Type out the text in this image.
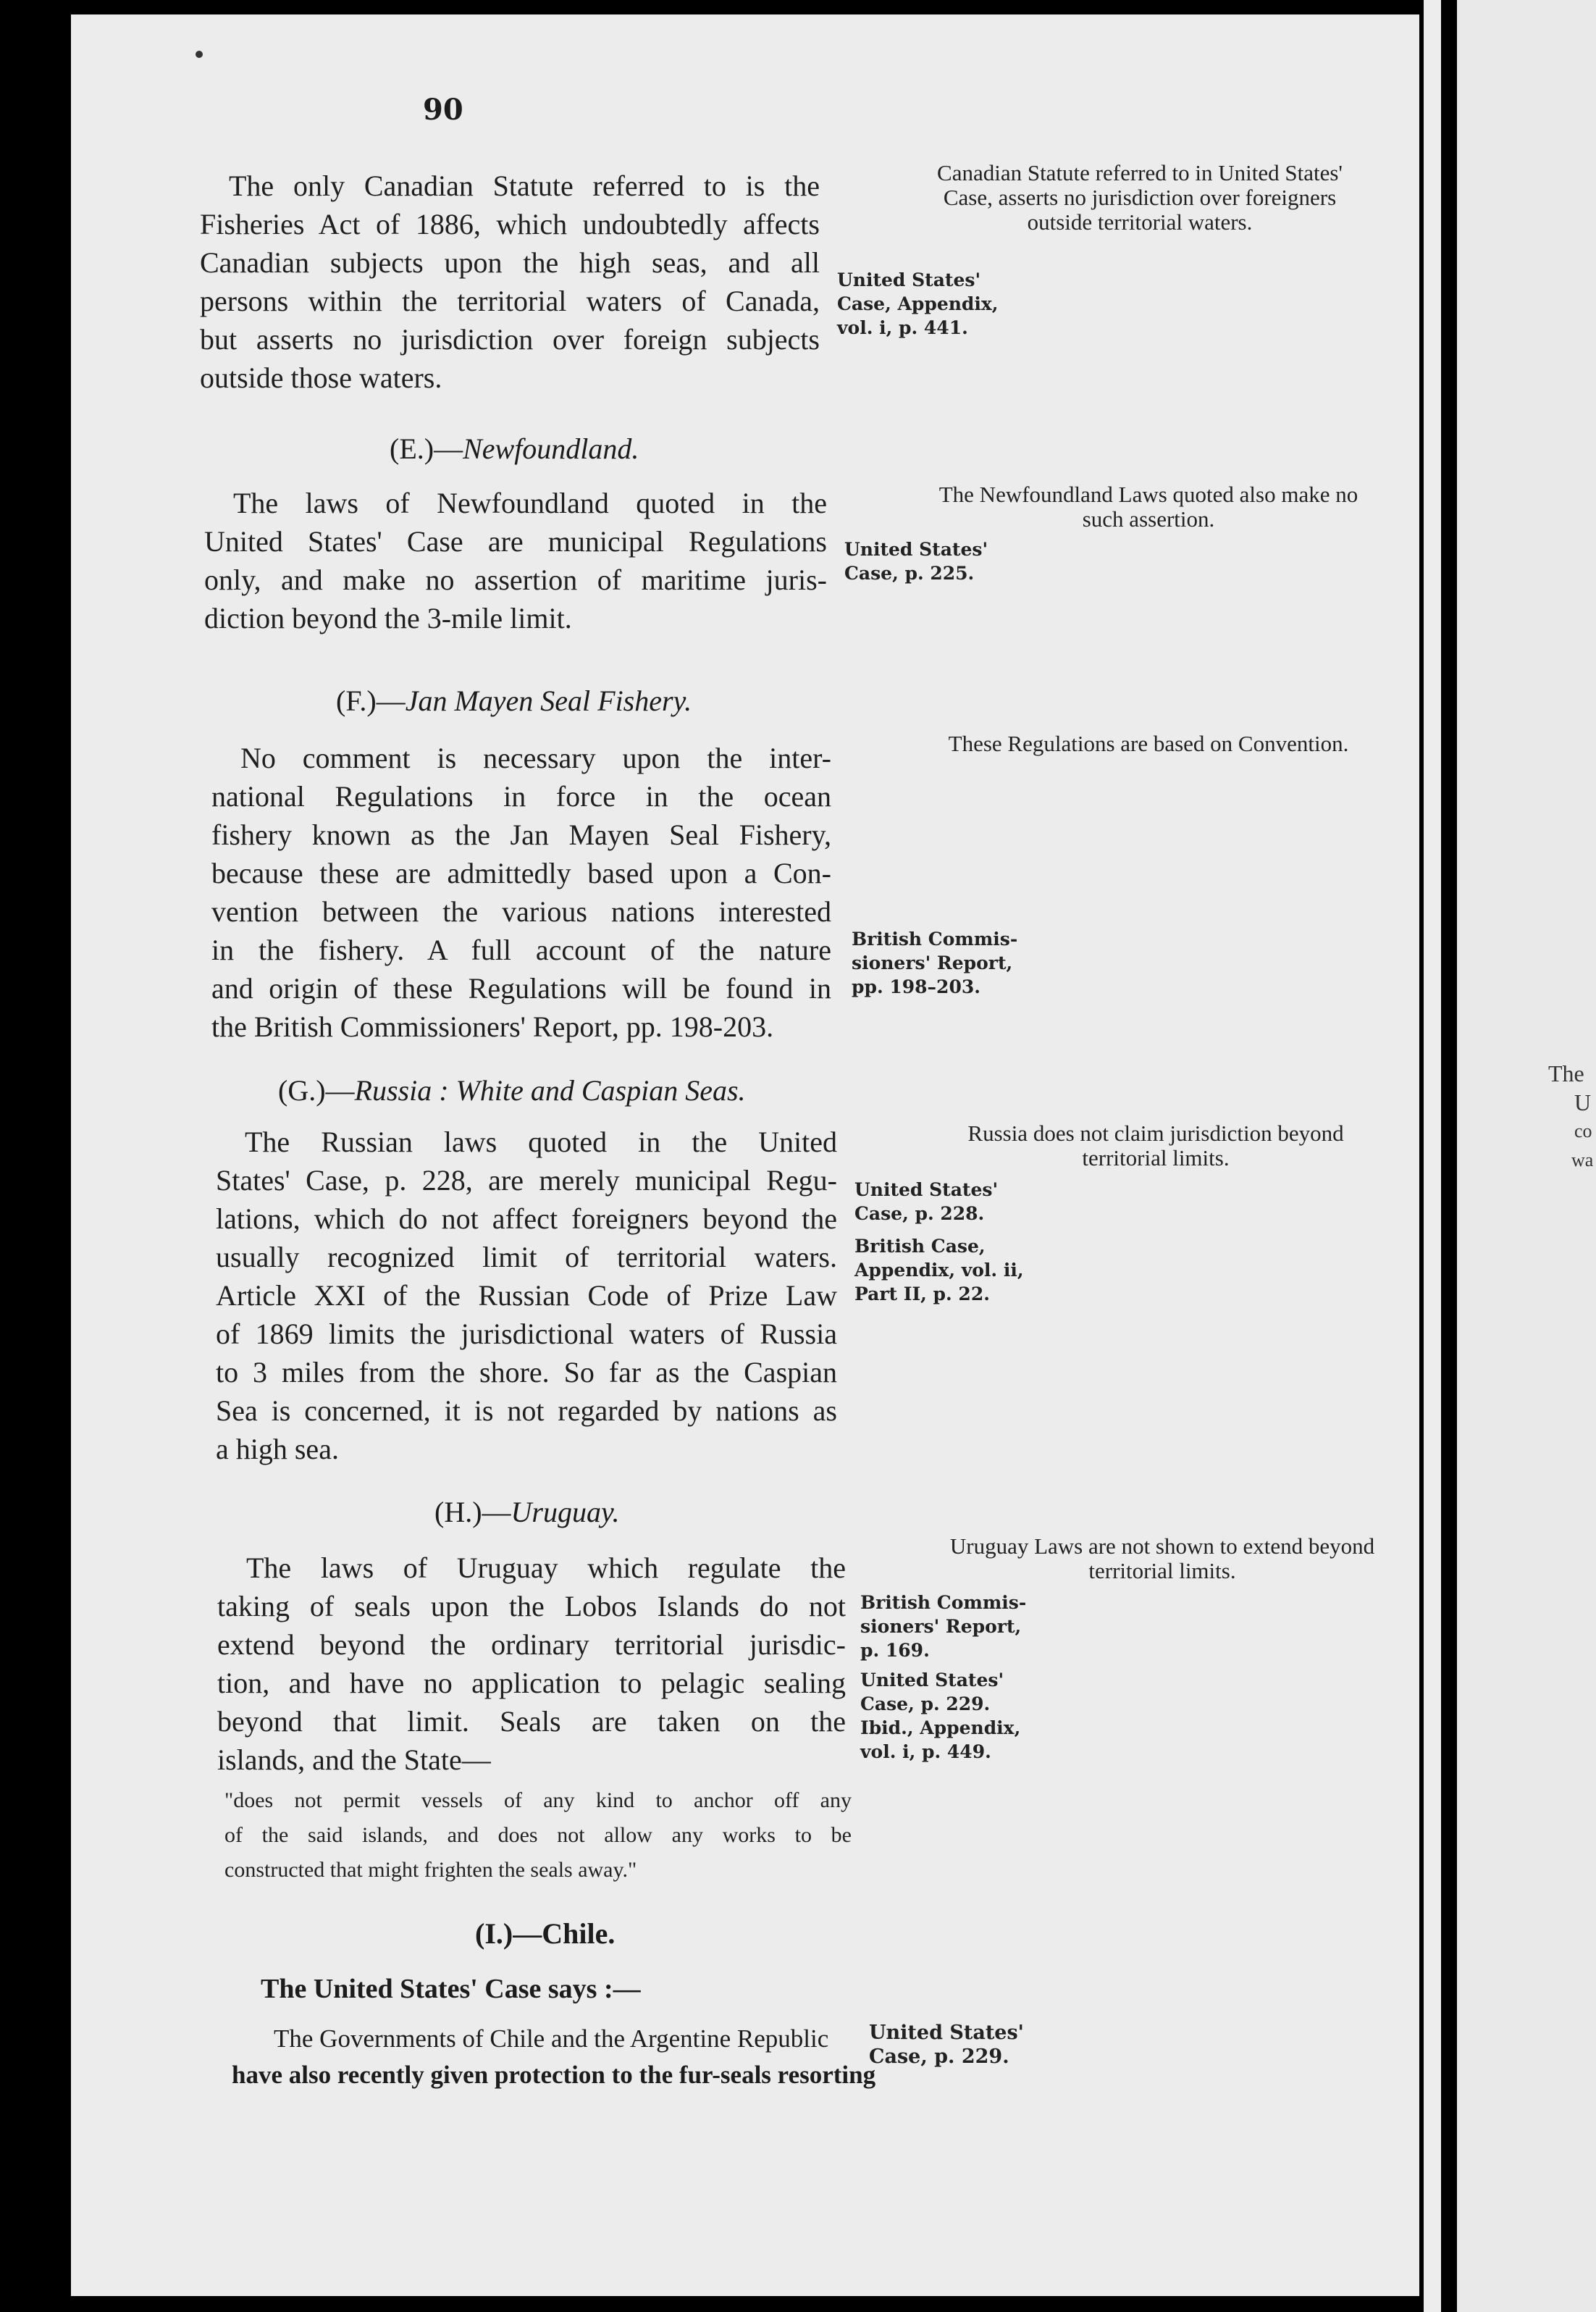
90
The only Canadian Statute referred to is the
Fisheries Act of 1886, which undoubtedly affects
Canadian subjects upon the high seas, and all
persons within the territorial waters of Canada,
but asserts no jurisdiction over foreign subjects
outside those waters.
Canadian Statute referred to in United States' Case, asserts no jurisdiction over foreigners outside territorial waters.
United States'
Case, Appendix,
vol. i, p. 441.
(E.)—Newfoundland.
The laws of Newfoundland quoted in the
United States' Case are municipal Regulations
only, and make no assertion of maritime juris-
diction beyond the 3-mile limit.
The Newfoundland Laws quoted also make no such assertion.
United States'
Case, p. 225.
(F.)—Jan Mayen Seal Fishery.
No comment is necessary upon the inter-
national Regulations in force in the ocean
fishery known as the Jan Mayen Seal Fishery,
because these are admittedly based upon a Con-
vention between the various nations interested
in the fishery. A full account of the nature
and origin of these Regulations will be found in
the British Commissioners' Report, pp. 198-203.
These Regulations are based on Convention.
British Commis-
sioners' Report,
pp. 198–203.
(G.)—Russia : White and Caspian Seas.
The Russian laws quoted in the United
States' Case, p. 228, are merely municipal Regu-
lations, which do not affect foreigners beyond the
usually recognized limit of territorial waters.
Article XXI of the Russian Code of Prize Law
of 1869 limits the jurisdictional waters of Russia
to 3 miles from the shore. So far as the Caspian
Sea is concerned, it is not regarded by nations as
a high sea.
Russia does not claim jurisdiction beyond territorial limits.
United States'
Case, p. 228.
British Case,
Appendix, vol. ii,
Part II, p. 22.
(H.)—Uruguay.
The laws of Uruguay which regulate the
taking of seals upon the Lobos Islands do not
extend beyond the ordinary territorial jurisdic-
tion, and have no application to pelagic sealing
beyond that limit. Seals are taken on the
islands, and the State—
"does not permit vessels of any kind to anchor off any
of the said islands, and does not allow any works to be
constructed that might frighten the seals away."
Uruguay Laws are not shown to extend beyond territorial limits.
British Commis-
sioners' Report,
p. 169.
United States'
Case, p. 229.
Ibid., Appendix,
vol. i, p. 449.
(I.)—Chile.
The United States' Case says :—
The Governments of Chile and the Argentine Republic
have also recently given protection to the fur-seals resorting
United States'
Case, p. 229.
The
U
co
wa
